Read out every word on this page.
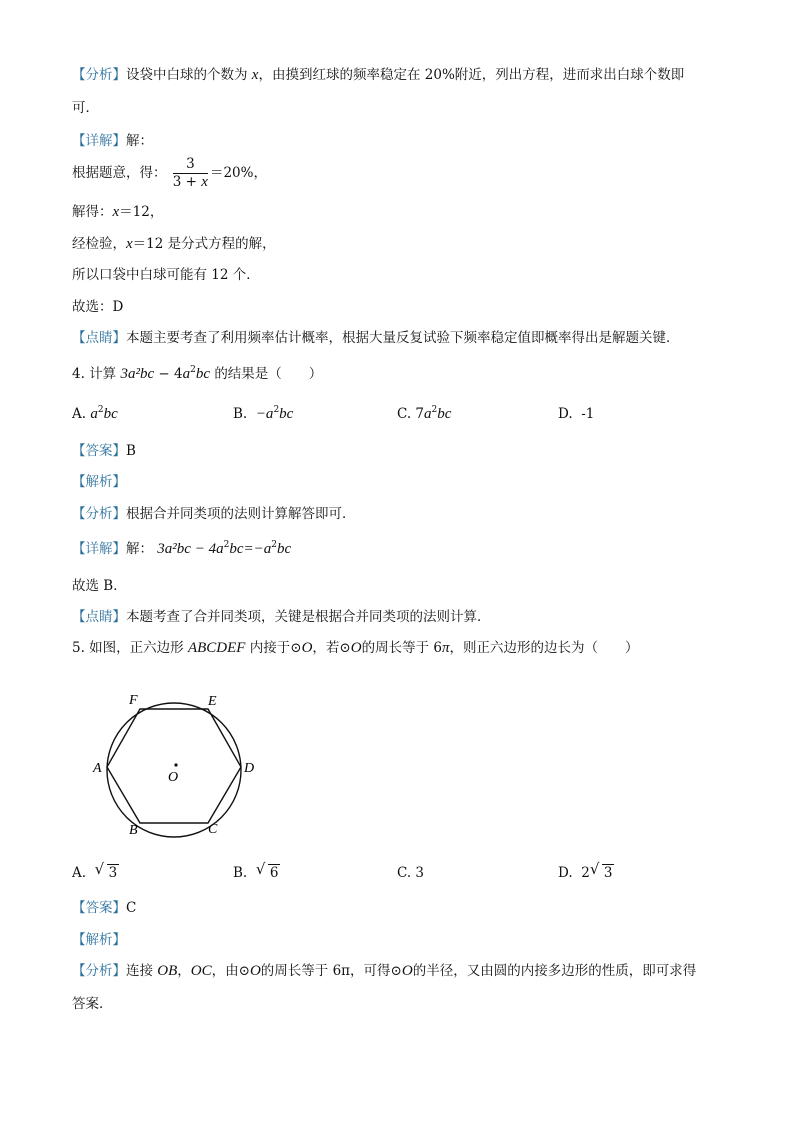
【分析】设袋中白球的个数为 x，由摸到红球的频率稳定在 20%附近，列出方程，进而求出白球个数即
可．
【详解】解：
根据题意，得： $\frac{3}{3 + x} =20\%$，
解得：x＝12，
经检验，x＝12 是分式方程的解，
所以口袋中白球可能有 12 个．
故选：D
【点睛】本题主要考查了利用频率估计概率，根据大量反复试验下频率稳定值即概率得出是解题关键．
4. 计算 $3a^2bc - 4a^2bc$ 的结果是（　　）
A. $a^2bc$	B. $-a^2bc$	C. $7a^2bc$	D. -1
【答案】B
【解析】
【分析】根据合并同类项的法则计算解答即可．
【详解】解： $3a^2bc - 4a^2bc=-a^2bc$
故选 B．
【点睛】本题考查了合并同类项，关键是根据合并同类项的法则计算．
5. 如图，正六边形 ABCDEF 内接于⊙O，若⊙O的周长等于 6π，则正六边形的边长为（　　）
F	E
A	D
O
B	C
A. √ 3	B. √ 6	C. 3	D. 2 √ 3
【答案】C
【解析】
【分析】连接 OB，OC，由⊙O的周长等于 6π，可得⊙O的半径，又由圆的内接多边形的性质，即可求得
答案．
